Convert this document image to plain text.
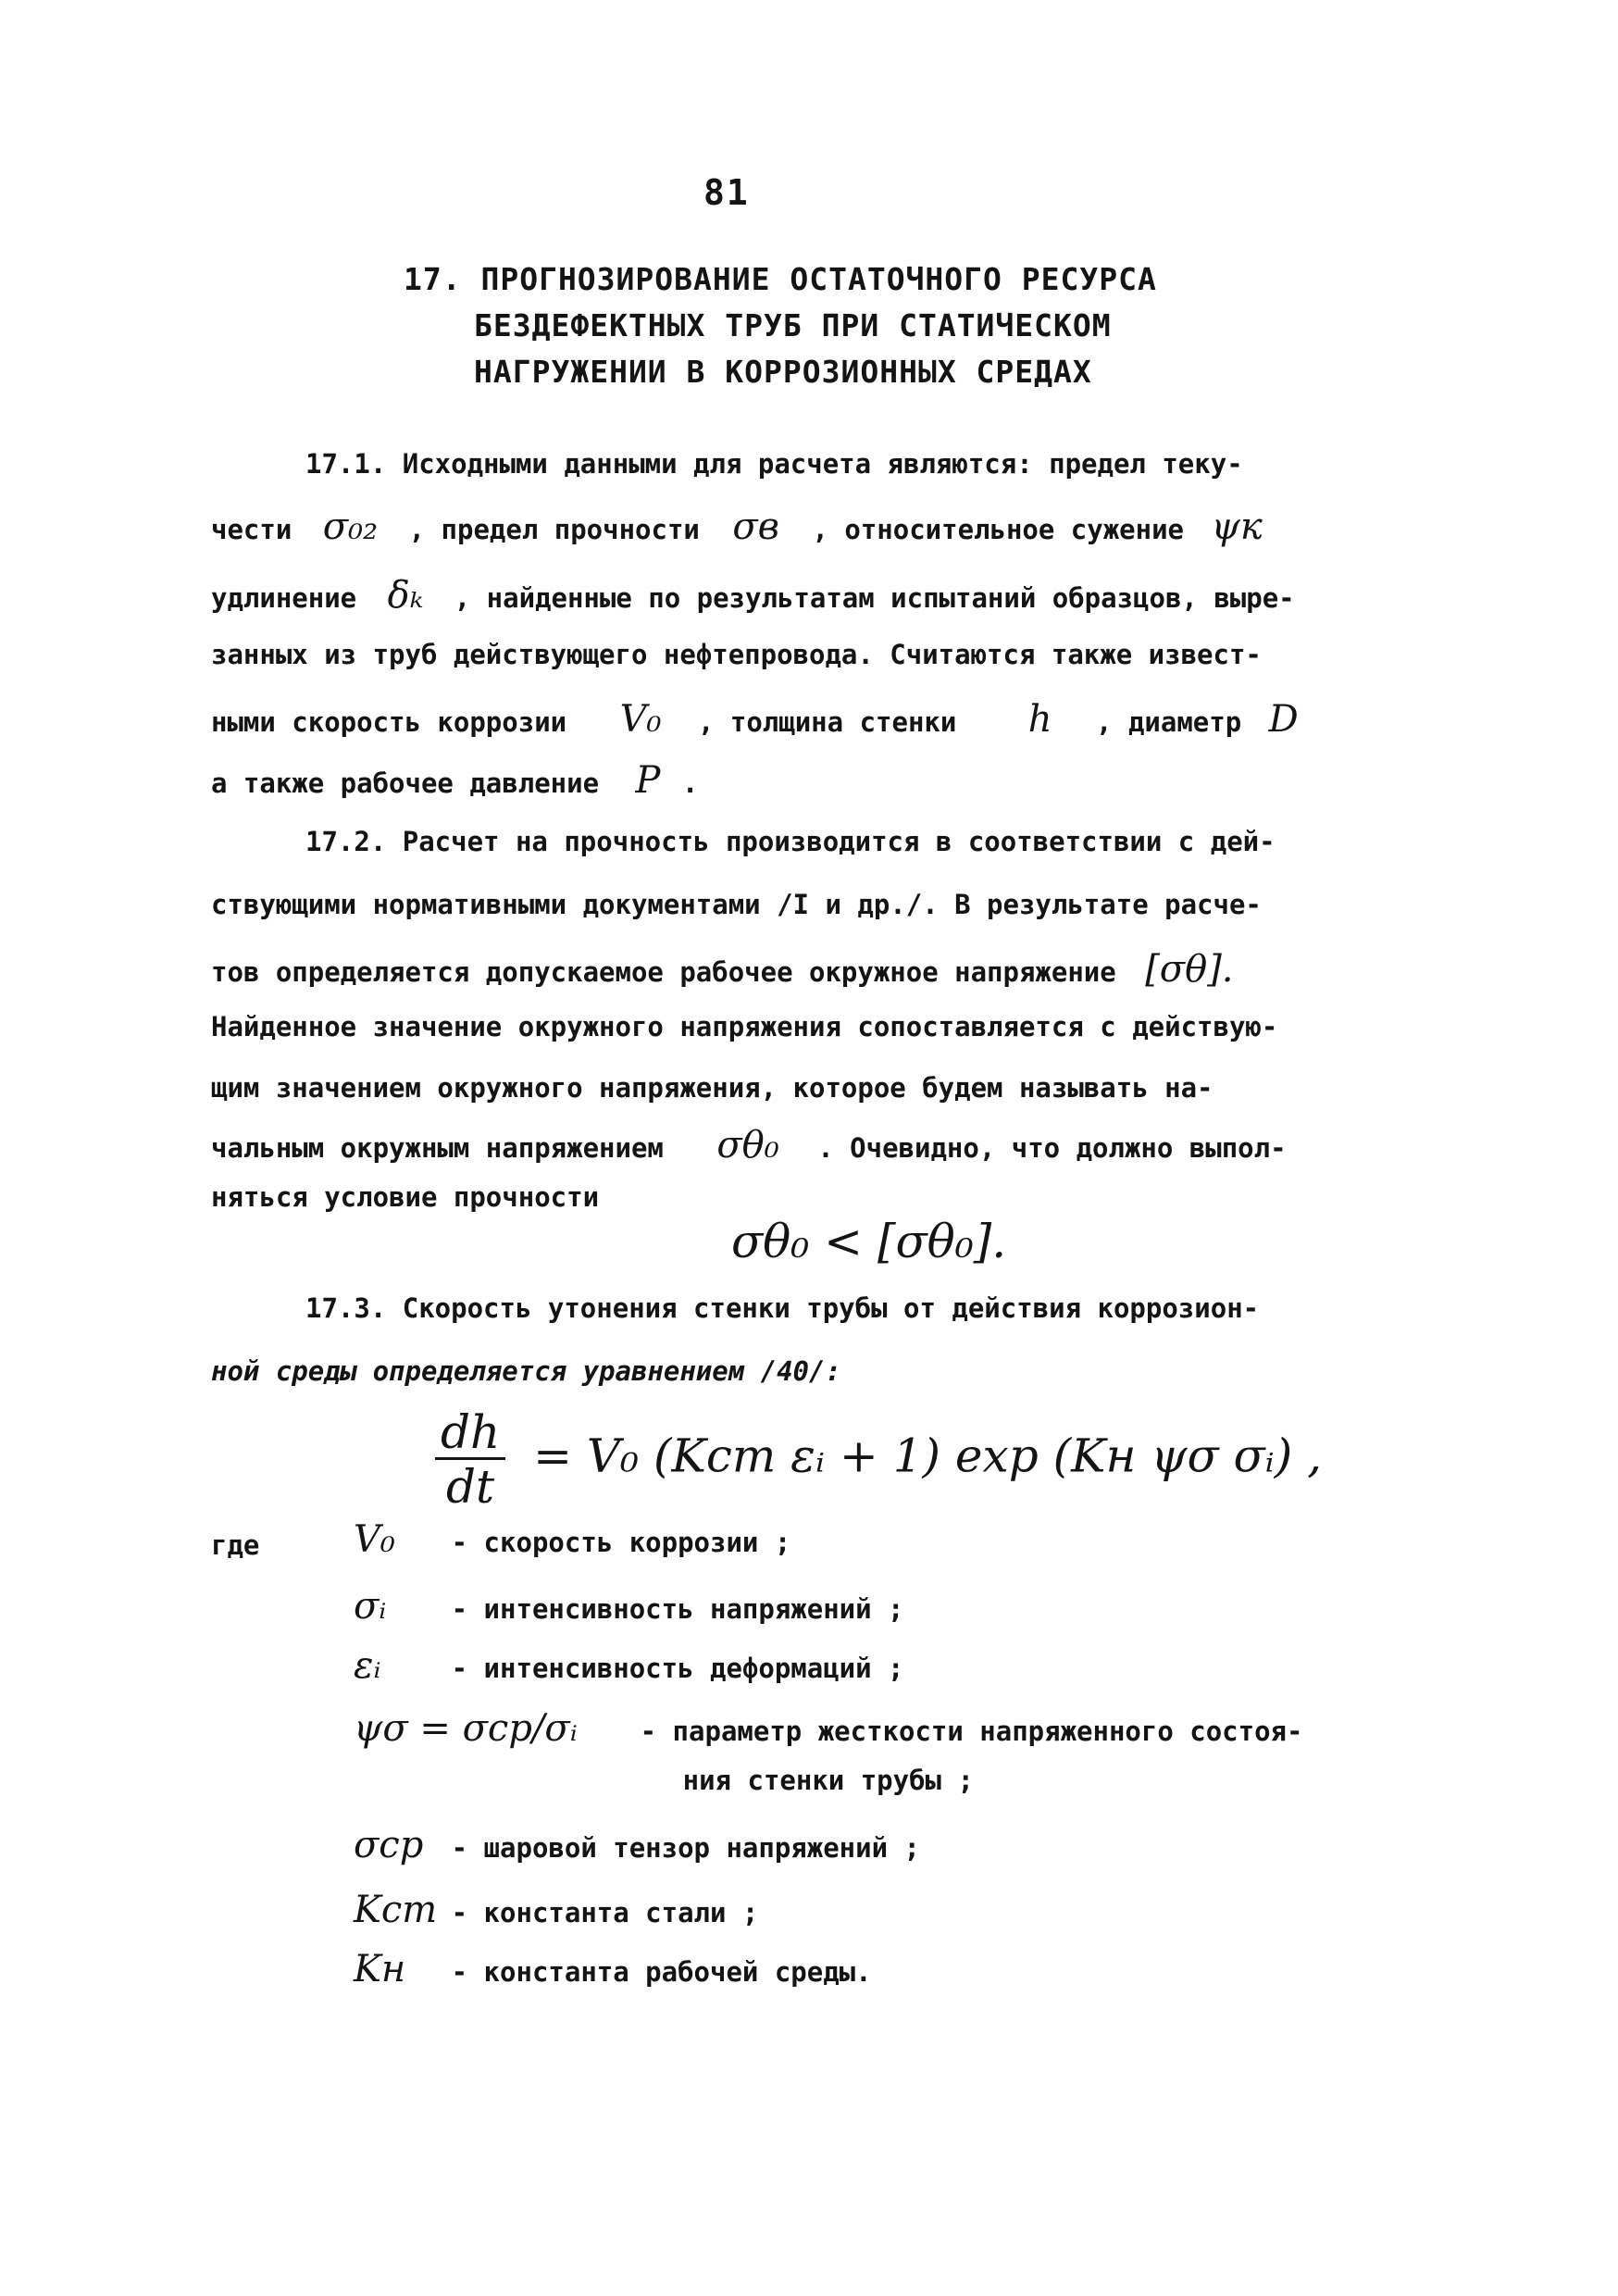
81
17. ПРОГНОЗИРОВАНИЕ ОСТАТОЧНОГО РЕСУРСА
БЕЗДЕФЕКТНЫХ ТРУБ ПРИ СТАТИЧЕСКОМ
НАГРУЖЕНИИ В КОРРОЗИОННЫХ СРЕДАХ
17.1. Исходными данными для расчета являются: предел теку-
чести σ₀₂ , предел прочности σв , относительное сужение ψк
удлинение δₖ , найденные по результатам испытаний образцов, выре-
занных из труб действующего нефтепровода. Считаются также извест-
ными скорость коррозии V₀ , толщина стенки h , диаметр D
а также рабочее давление P .
17.2. Расчет на прочность производится в соответствии с дей-
ствующими нормативными документами /I и др./. В результате расче-
тов определяется допускаемое рабочее окружное напряжение [σθ].
Найденное значение окружного напряжения сопоставляется с действую-
щим значением окружного напряжения, которое будем называть на-
чальным окружным напряжением σθ₀ . Очевидно, что должно выпол-
няться условие прочности
σθ₀ < [σθ₀].
17.3. Скорость утонения стенки трубы от действия коррозион-
ной среды определяется уравнением /40/:
$\frac{dh}{dt} = V_0$ (Kст εᵢ + 1) exp (Kн ψσ σᵢ) ,
где	V₀ - скорость коррозии ;
σᵢ - интенсивность напряжений ;
εᵢ	- интенсивность деформаций ;
ψσ = σср/σᵢ - параметр жесткости напряженного состоя-
ния стенки трубы ;
σср - шаровой тензор напряжений ;
Kст - константа стали ;
Kн - константа рабочей среды.
